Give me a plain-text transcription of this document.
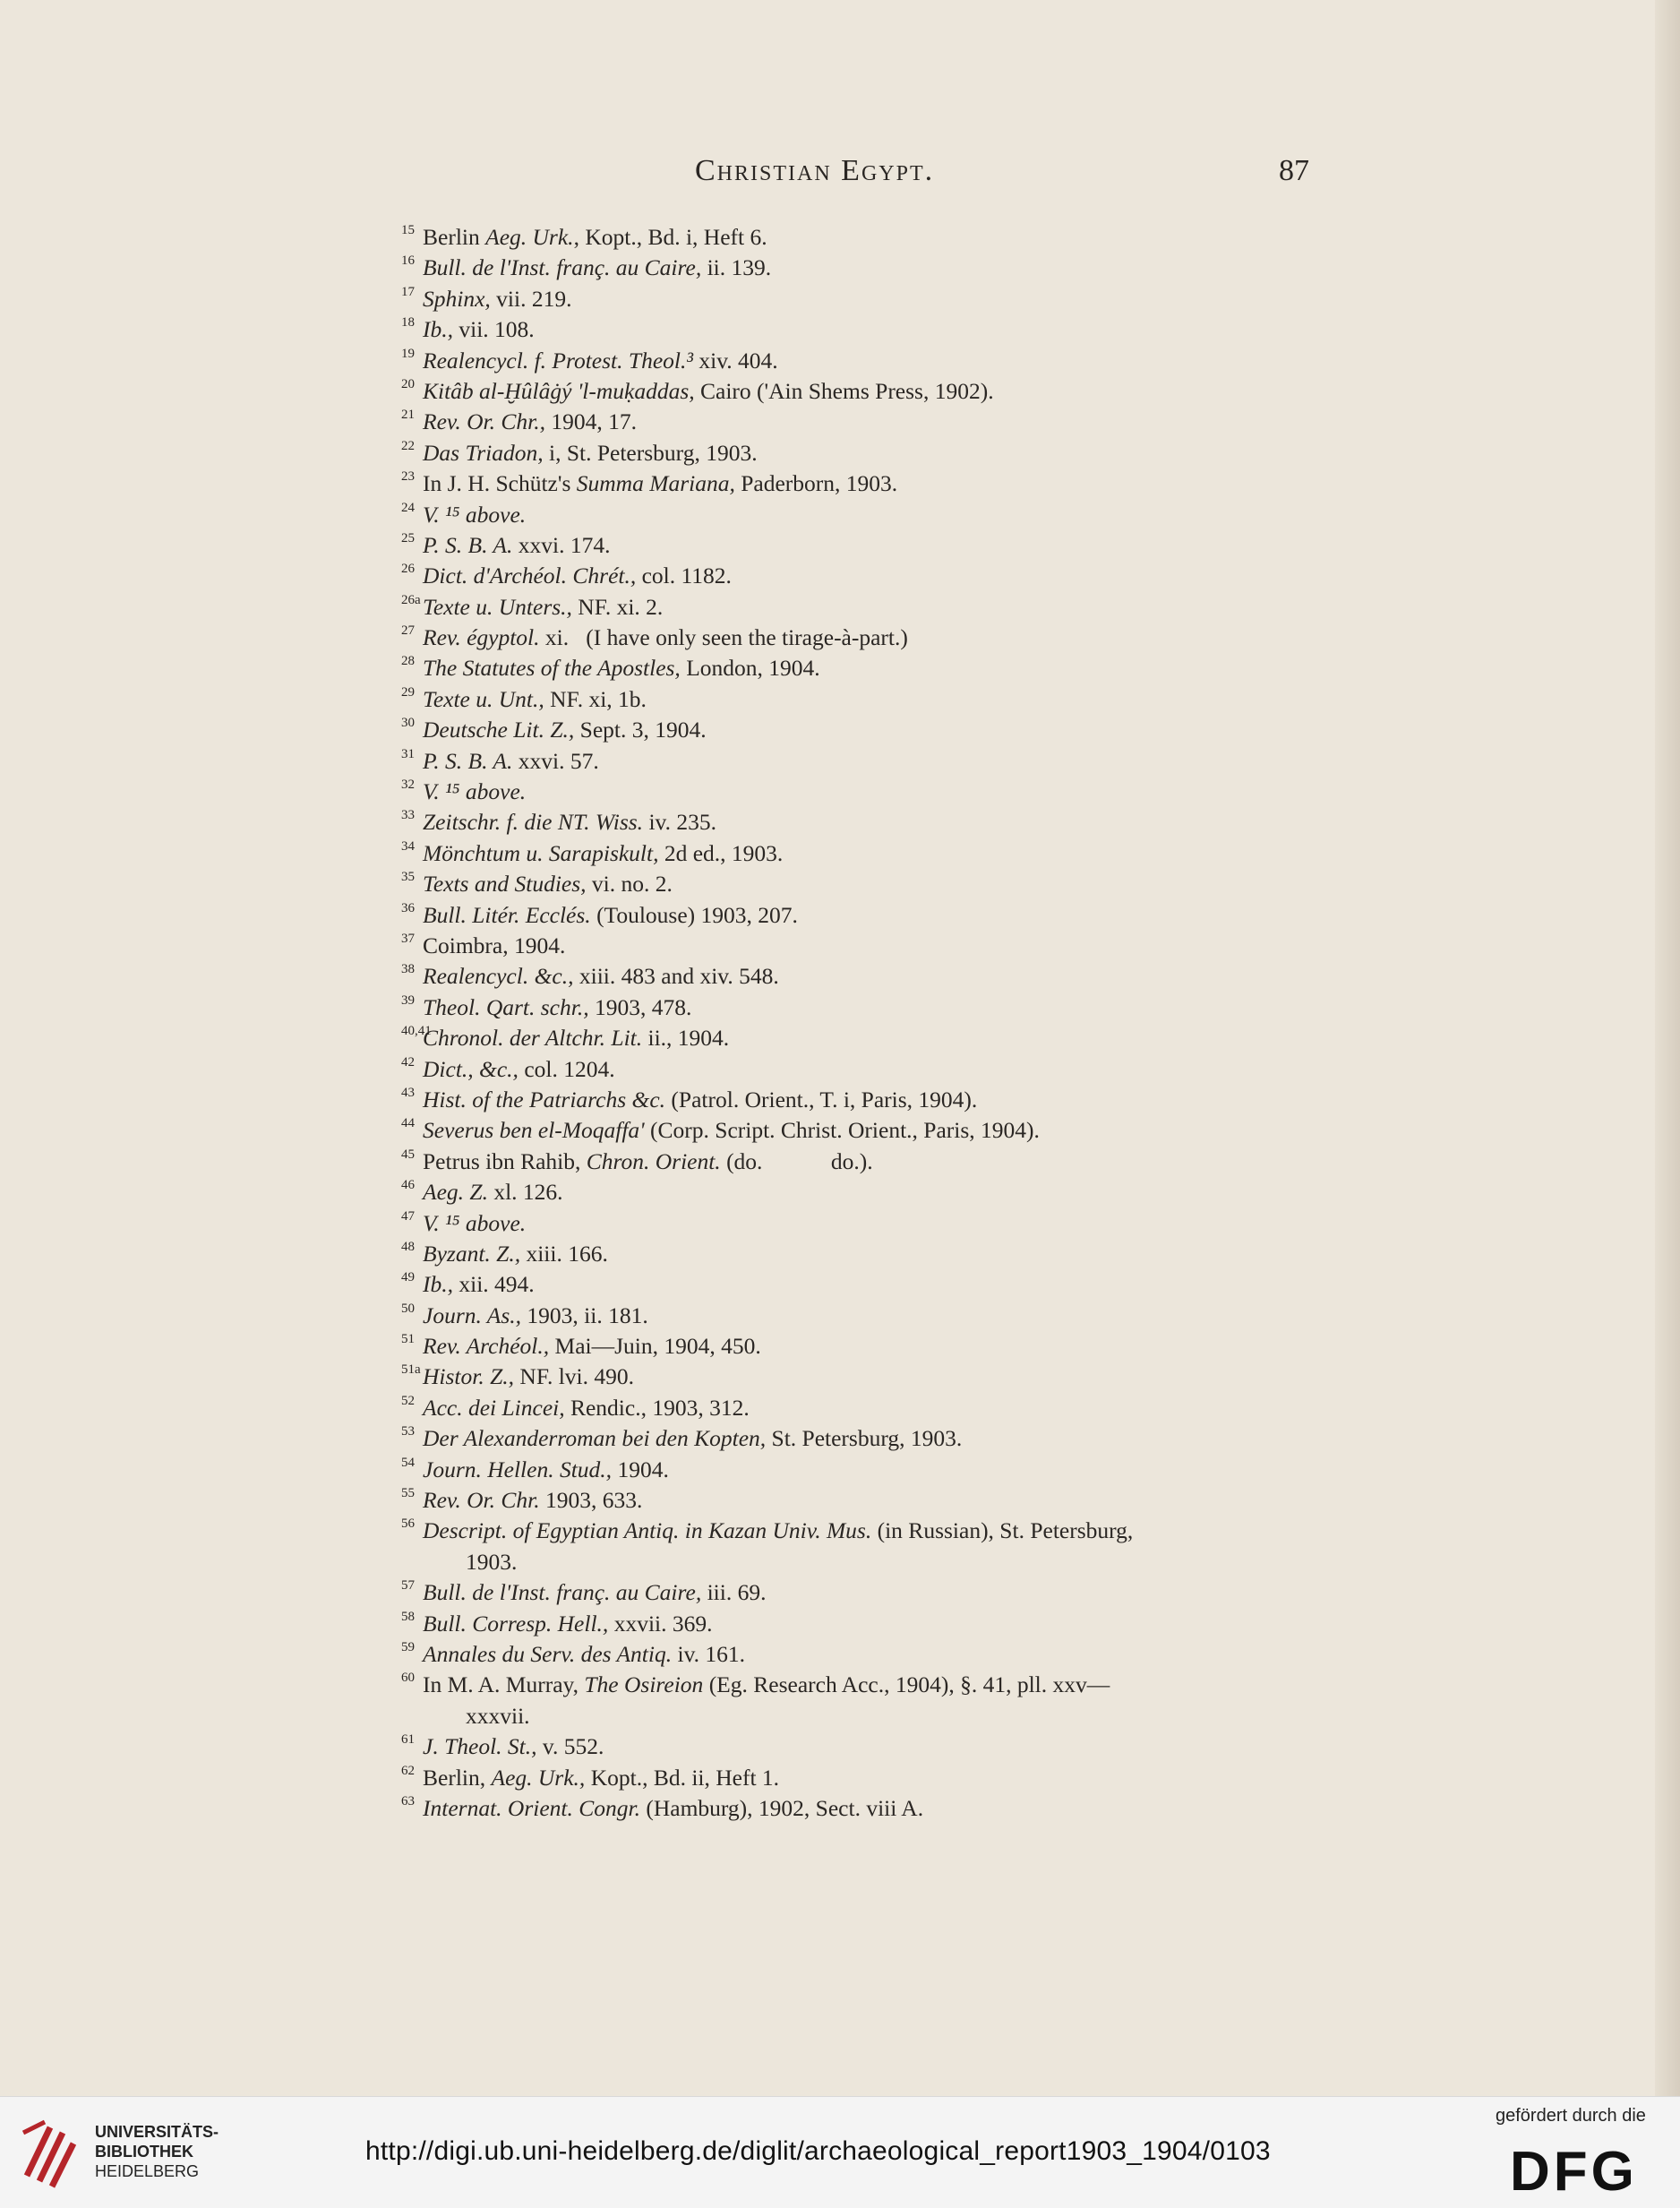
Christian Egypt.	87
15 Berlin Aeg. Urk., Kopt., Bd. i, Heft 6.
16 Bull. de l'Inst. franç. au Caire, ii. 139.
17 Sphinx, vii. 219.
18 Ib., vii. 108.
19 Realencycl. f. Protest. Theol.³ xiv. 404.
20 Kitâb al-Ḫûlâġý 'l-muḳaddas, Cairo ('Ain Shems Press, 1902).
21 Rev. Or. Chr., 1904, 17.
22 Das Triadon, i, St. Petersburg, 1903.
23 In J. H. Schütz's Summa Mariana, Paderborn, 1903.
24 V. ¹⁵ above.
25 P. S. B. A. xxvi. 174.
26 Dict. d'Archéol. Chrét., col. 1182.
26a Texte u. Unters., NF. xi. 2.
27 Rev. égyptol. xi.   (I have only seen the tirage-à-part.)
28 The Statutes of the Apostles, London, 1904.
29 Texte u. Unt., NF. xi, 1b.
30 Deutsche Lit. Z., Sept. 3, 1904.
31 P. S. B. A. xxvi. 57.
32 V. ¹⁵ above.
33 Zeitschr. f. die NT. Wiss. iv. 235.
34 Mönchtum u. Sarapiskult, 2d ed., 1903.
35 Texts and Studies, vi. no. 2.
36 Bull. Litér. Ecclés. (Toulouse) 1903, 207.
37 Coimbra, 1904.
38 Realencycl. &c., xiii. 483 and xiv. 548.
39 Theol. Qart. schr., 1903, 478.
40,41
Chronol. der Altchr. Lit. ii., 1904.
42 Dict., &c., col. 1204.
43 Hist. of the Patriarchs &c. (Patrol. Orient., T. i, Paris, 1904).
44 Severus ben el-Moqaffa' (Corp. Script. Christ. Orient., Paris, 1904).
45 Petrus ibn Rahib, Chron. Orient. (do.            do.).
46 Aeg. Z. xl. 126.
47 V. ¹⁵ above.
48 Byzant. Z., xiii. 166.
49 Ib., xii. 494.
50 Journ. As., 1903, ii. 181.
51 Rev. Archéol., Mai—Juin, 1904, 450.
51a Histor. Z., NF. lvi. 490.
52 Acc. dei Lincei, Rendic., 1903, 312.
53 Der Alexanderroman bei den Kopten, St. Petersburg, 1903.
54 Journ. Hellen. Stud., 1904.
55 Rev. Or. Chr. 1903, 633.
56 Descript. of Egyptian Antiq. in Kazan Univ. Mus. (in Russian), St. Petersburg,
1903.
57 Bull. de l'Inst. franç. au Caire, iii. 69.
58 Bull. Corresp. Hell., xxvii. 369.
59 Annales du Serv. des Antiq. iv. 161.
60 In M. A. Murray, The Osireion (Eg. Research Acc., 1904), §. 41, pll. xxv—
xxxvii.
61 J. Theol. St., v. 552.
62 Berlin, Aeg. Urk., Kopt., Bd. ii, Heft 1.
63 Internat. Orient. Congr. (Hamburg), 1902, Sect. viii A.
UNIVERSITÄTS-
BIBLIOTHEK
HEIDELBERG
http://digi.ub.uni-heidelberg.de/diglit/archaeological_report1903_1904/0103
gefördert durch die
DFG
